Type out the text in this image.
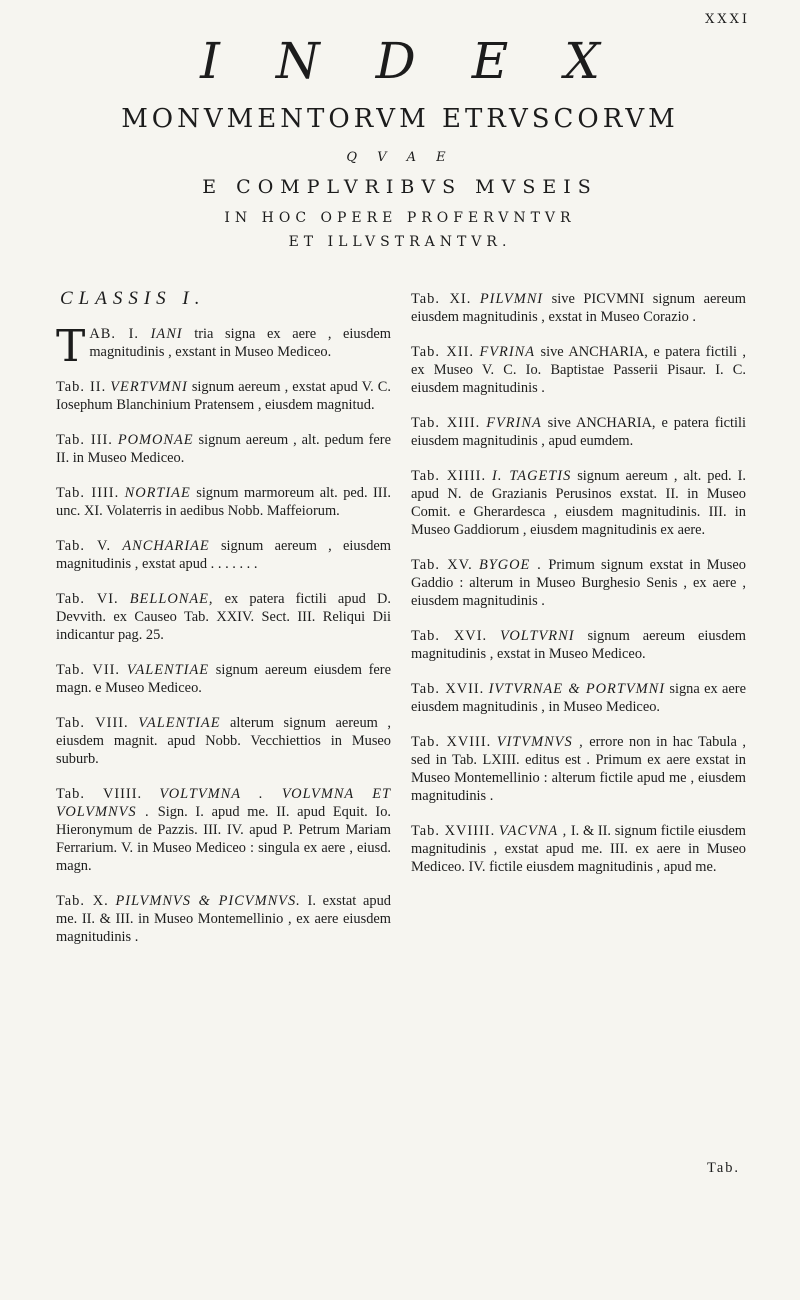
XXXI
INDEX
MONVMENTORVM ETRVSCORVM
Q V A E
E COMPLVRIBVS MVSEIS
IN HOC OPERE PROFERVNTVR
ET ILLVSTRANTVR.
CLASSIS I.
TAB. I. IANI tria signa ex aere , eiusdem magnitudinis , exstant in Museo Mediceo.
Tab. II. VERTVMNI signum aereum , exstat apud V. C. Iosephum Blanchinium Pratensem , eiusdem magnitud.
Tab. III. POMONAE signum aereum , alt. pedum fere II. in Museo Mediceo.
Tab. IIII. NORTIAE signum marmoreum alt. ped. III. unc. XI. Volaterris in aedibus Nobb. Maffeiorum.
Tab. V. ANCHARIAE signum aereum , eiusdem magnitudinis , exstat apud . . . . . . .
Tab. VI. BELLONAE, ex patera fictili apud D. Devvith. ex Causeo Tab. XXIV. Sect. III. Reliqui Dii indicantur pag. 25.
Tab. VII. VALENTIAE signum aereum eiusdem fere magn. e Museo Mediceo.
Tab. VIII. VALENTIAE alterum signum aereum , eiusdem magnit. apud Nobb. Vecchiettios in Museo suburb.
Tab. VIIII. VOLTVMNA . VOLVMNA ET VOLVMNVS . Sign. I. apud me. II. apud Equit. Io. Hieronymum de Pazzis. III. IV. apud P. Petrum Mariam Ferrarium. V. in Museo Mediceo : singula ex aere , eiusd. magn.
Tab. X. PILVMNVS & PICVMNVS. I. exstat apud me. II. & III. in Museo Montemellinio , ex aere eiusdem magnitudinis .
Tab. XI. PILVMNI sive PICVMNI signum aereum eiusdem magnitudinis , exstat in Museo Corazio .
Tab. XII. FVRINA sive ANCHARIA, e patera fictili , ex Museo V. C. Io. Baptistae Passerii Pisaur. I. C. eiusdem magnitudinis .
Tab. XIII. FVRINA sive ANCHARIA, e patera fictili eiusdem magnitudinis , apud eumdem.
Tab. XIIII. I. TAGETIS signum aereum , alt. ped. I. apud N. de Grazianis Perusinos exstat. II. in Museo Comit. e Gherardesca , eiusdem magnitudinis. III. in Museo Gaddiorum , eiusdem magnitudinis ex aere.
Tab. XV. BYGOE . Primum signum exstat in Museo Gaddio : alterum in Museo Burghesio Senis , ex aere , eiusdem magnitudinis .
Tab. XVI. VOLTVRNI signum aereum eiusdem magnitudinis , exstat in Museo Mediceo.
Tab. XVII. IVTVRNAE & PORTVMNI signa ex aere eiusdem magnitudinis , in Museo Mediceo.
Tab. XVIII. VITVMNVS , errore non in hac Tabula , sed in Tab. LXIII. editus est . Primum ex aere exstat in Museo Montemellinio : alterum fictile apud me , eiusdem magnitudinis .
Tab. XVIIII. VACVNA , I. & II. signum fictile eiusdem magnitudinis , exstat apud me. III. ex aere in Museo Mediceo. IV. fictile eiusdem magnitudinis , apud me.
Tab.
